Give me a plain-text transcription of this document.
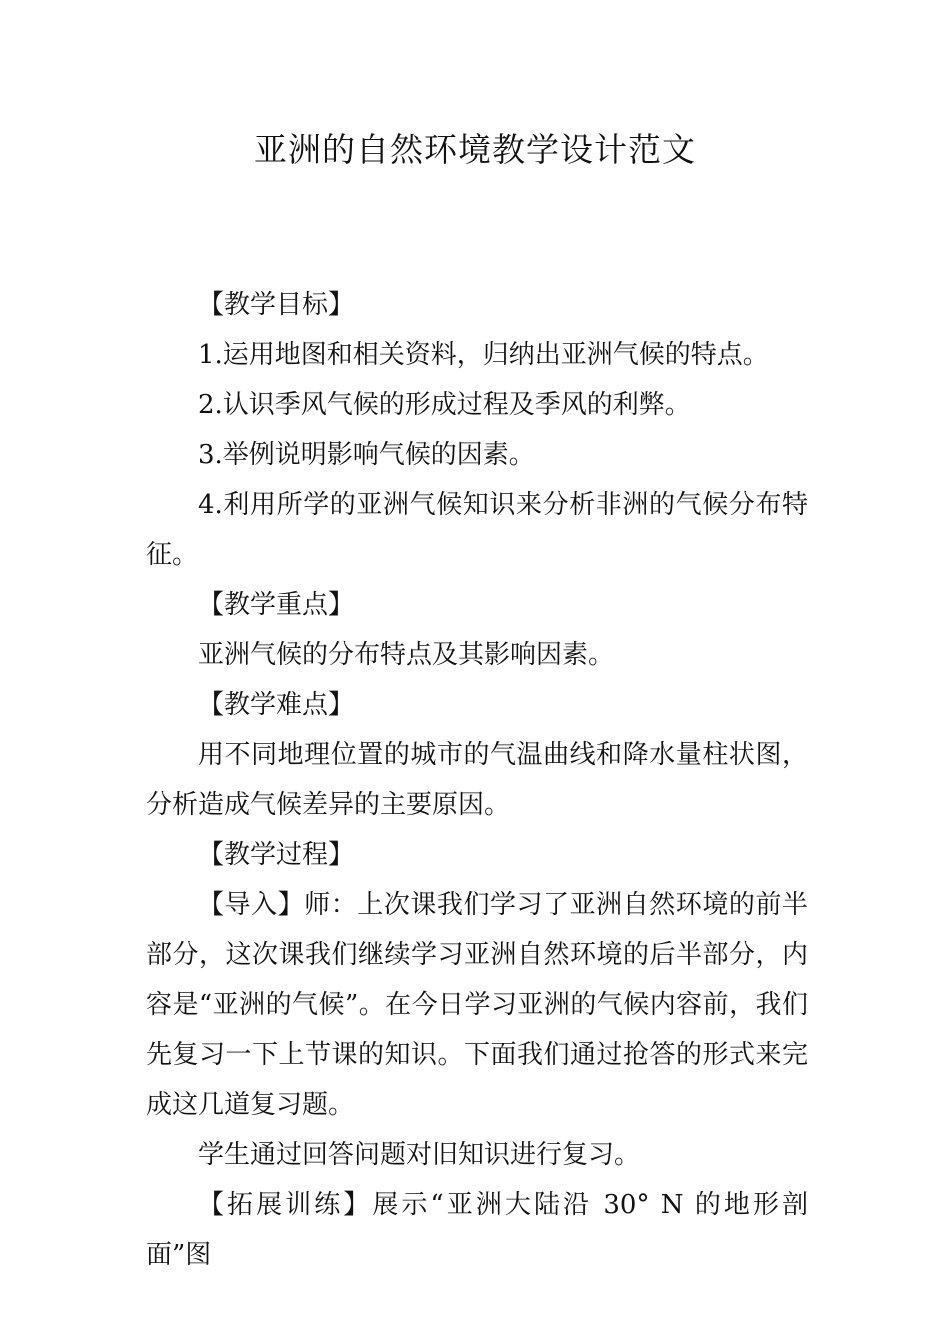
亚洲的自然环境教学设计范文

【教学目标】

1.运用地图和相关资料，归纳出亚洲气候的特点。

2.认识季风气候的形成过程及季风的利弊。

3.举例说明影响气候的因素。

4.利用所学的亚洲气候知识来分析非洲的气候分布特征。

【教学重点】

亚洲气候的分布特点及其影响因素。

【教学难点】

用不同地理位置的城市的气温曲线和降水量柱状图，分析造成气候差异的主要原因。

【教学过程】

【导入】师：上次课我们学习了亚洲自然环境的前半部分，这次课我们继续学习亚洲自然环境的后半部分，内容是“亚洲的气候”。在今日学习亚洲的气候内容前，我们先复习一下上节课的知识。下面我们通过抢答的形式来完成这几道复习题。

学生通过回答问题对旧知识进行复习。

【拓展训练】展示“亚洲大陆沿 30° N 的地形剖面”图
